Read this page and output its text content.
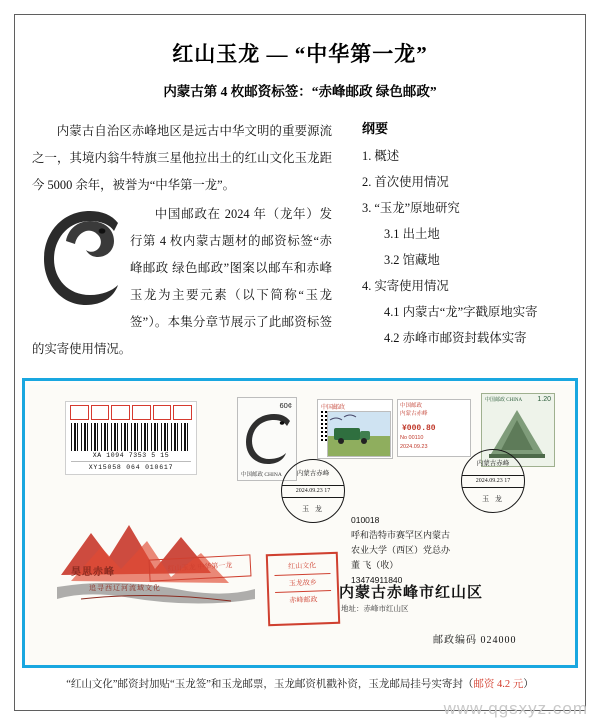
红山玉龙 — “中华第一龙”
内蒙古第 4 枚邮资标签：“赤峰邮政 绿色邮政”

内蒙古自治区赤峰地区是远古中华文明的重要源流之一，其境内翁牛特旗三星他拉出土的红山文化玉龙距今 5000 余年，被誉为“中华第一龙”。

中国邮政在 2024 年（龙年）发行第 4 枚内蒙古题材的邮资标签“赤峰邮政 绿色邮政”图案以邮车和赤峰玉龙为主要元素（以下简称“玉龙签”）。本集分章节展示了此邮资标签的实寄使用情况。

纲要
1. 概述
2. 首次使用情况
3. “玉龙”原地研究
3.1 出土地
3.2 馆藏地
4. 实寄使用情况
4.1 内蒙古“龙”字戳原地实寄
4.2 赤峰市邮资封载体实寄
XA 1094 7353 5 15
XY15058 064 010617
60¢
中国邮政 CHINA
中国邮政	中国邮政
内蒙古赤峰
¥000.80
No 00110
2024.09.23
中国邮政 CHINA 1.20
内蒙古赤峰
2024.09.23 17
玉 龙
内蒙古赤峰
2024.09.23 17
玉 龙
昊思赤峰
追寻西辽河流域文化
红山玉龙 中华第一龙	红山文化
玉龙故乡
赤峰邮政
010018
呼和浩特市赛罕区内蒙古
农业大学（西区）党总办
董 飞（收）
13474911840
内蒙古赤峰市红山区
地址：赤峰市红山区
邮政编码 024000
“红山文化”邮资封加贴“玉龙签”和玉龙邮票，玉龙邮资机戳补资，玉龙邮局挂号实寄封（邮资 4.2 元）
www.qgsxyz.com
